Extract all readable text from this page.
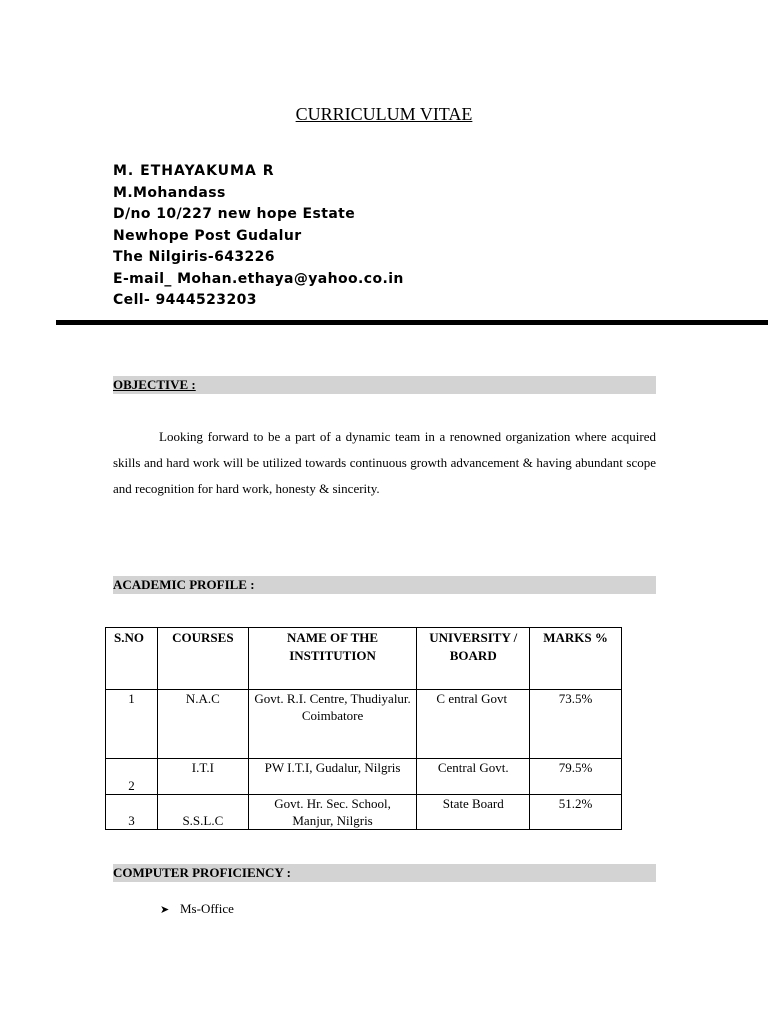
CURRICULUM VITAE
M. ETHAYAKUMA R
M.Mohandass
D/no 10/227 new hope Estate
Newhope Post Gudalur
The Nilgiris-643226
E-mail_ Mohan.ethaya@yahoo.co.in
Cell- 9444523203
OBJECTIVE :

Looking forward to be a part of a dynamic team in a renowned organization where acquired skills and hard work will be utilized towards continuous growth advancement & having abundant scope and recognition for hard work, honesty & sincerity.

ACADEMIC PROFILE :
S.NO	COURSES	NAME OF THE INSTITUTION	UNIVERSITY / BOARD	MARKS %
1	N.A.C	Govt. R.I. Centre, Thudiyalur. Coimbatore	C entral Govt	73.5%
2	I.T.I	PW I.T.I, Gudalur, Nilgris	Central Govt.	79.5%
3	S.S.L.C	Govt. Hr. Sec. School, Manjur, Nilgris	State Board	51.2%
COMPUTER PROFICIENCY :
➤ Ms-Office
